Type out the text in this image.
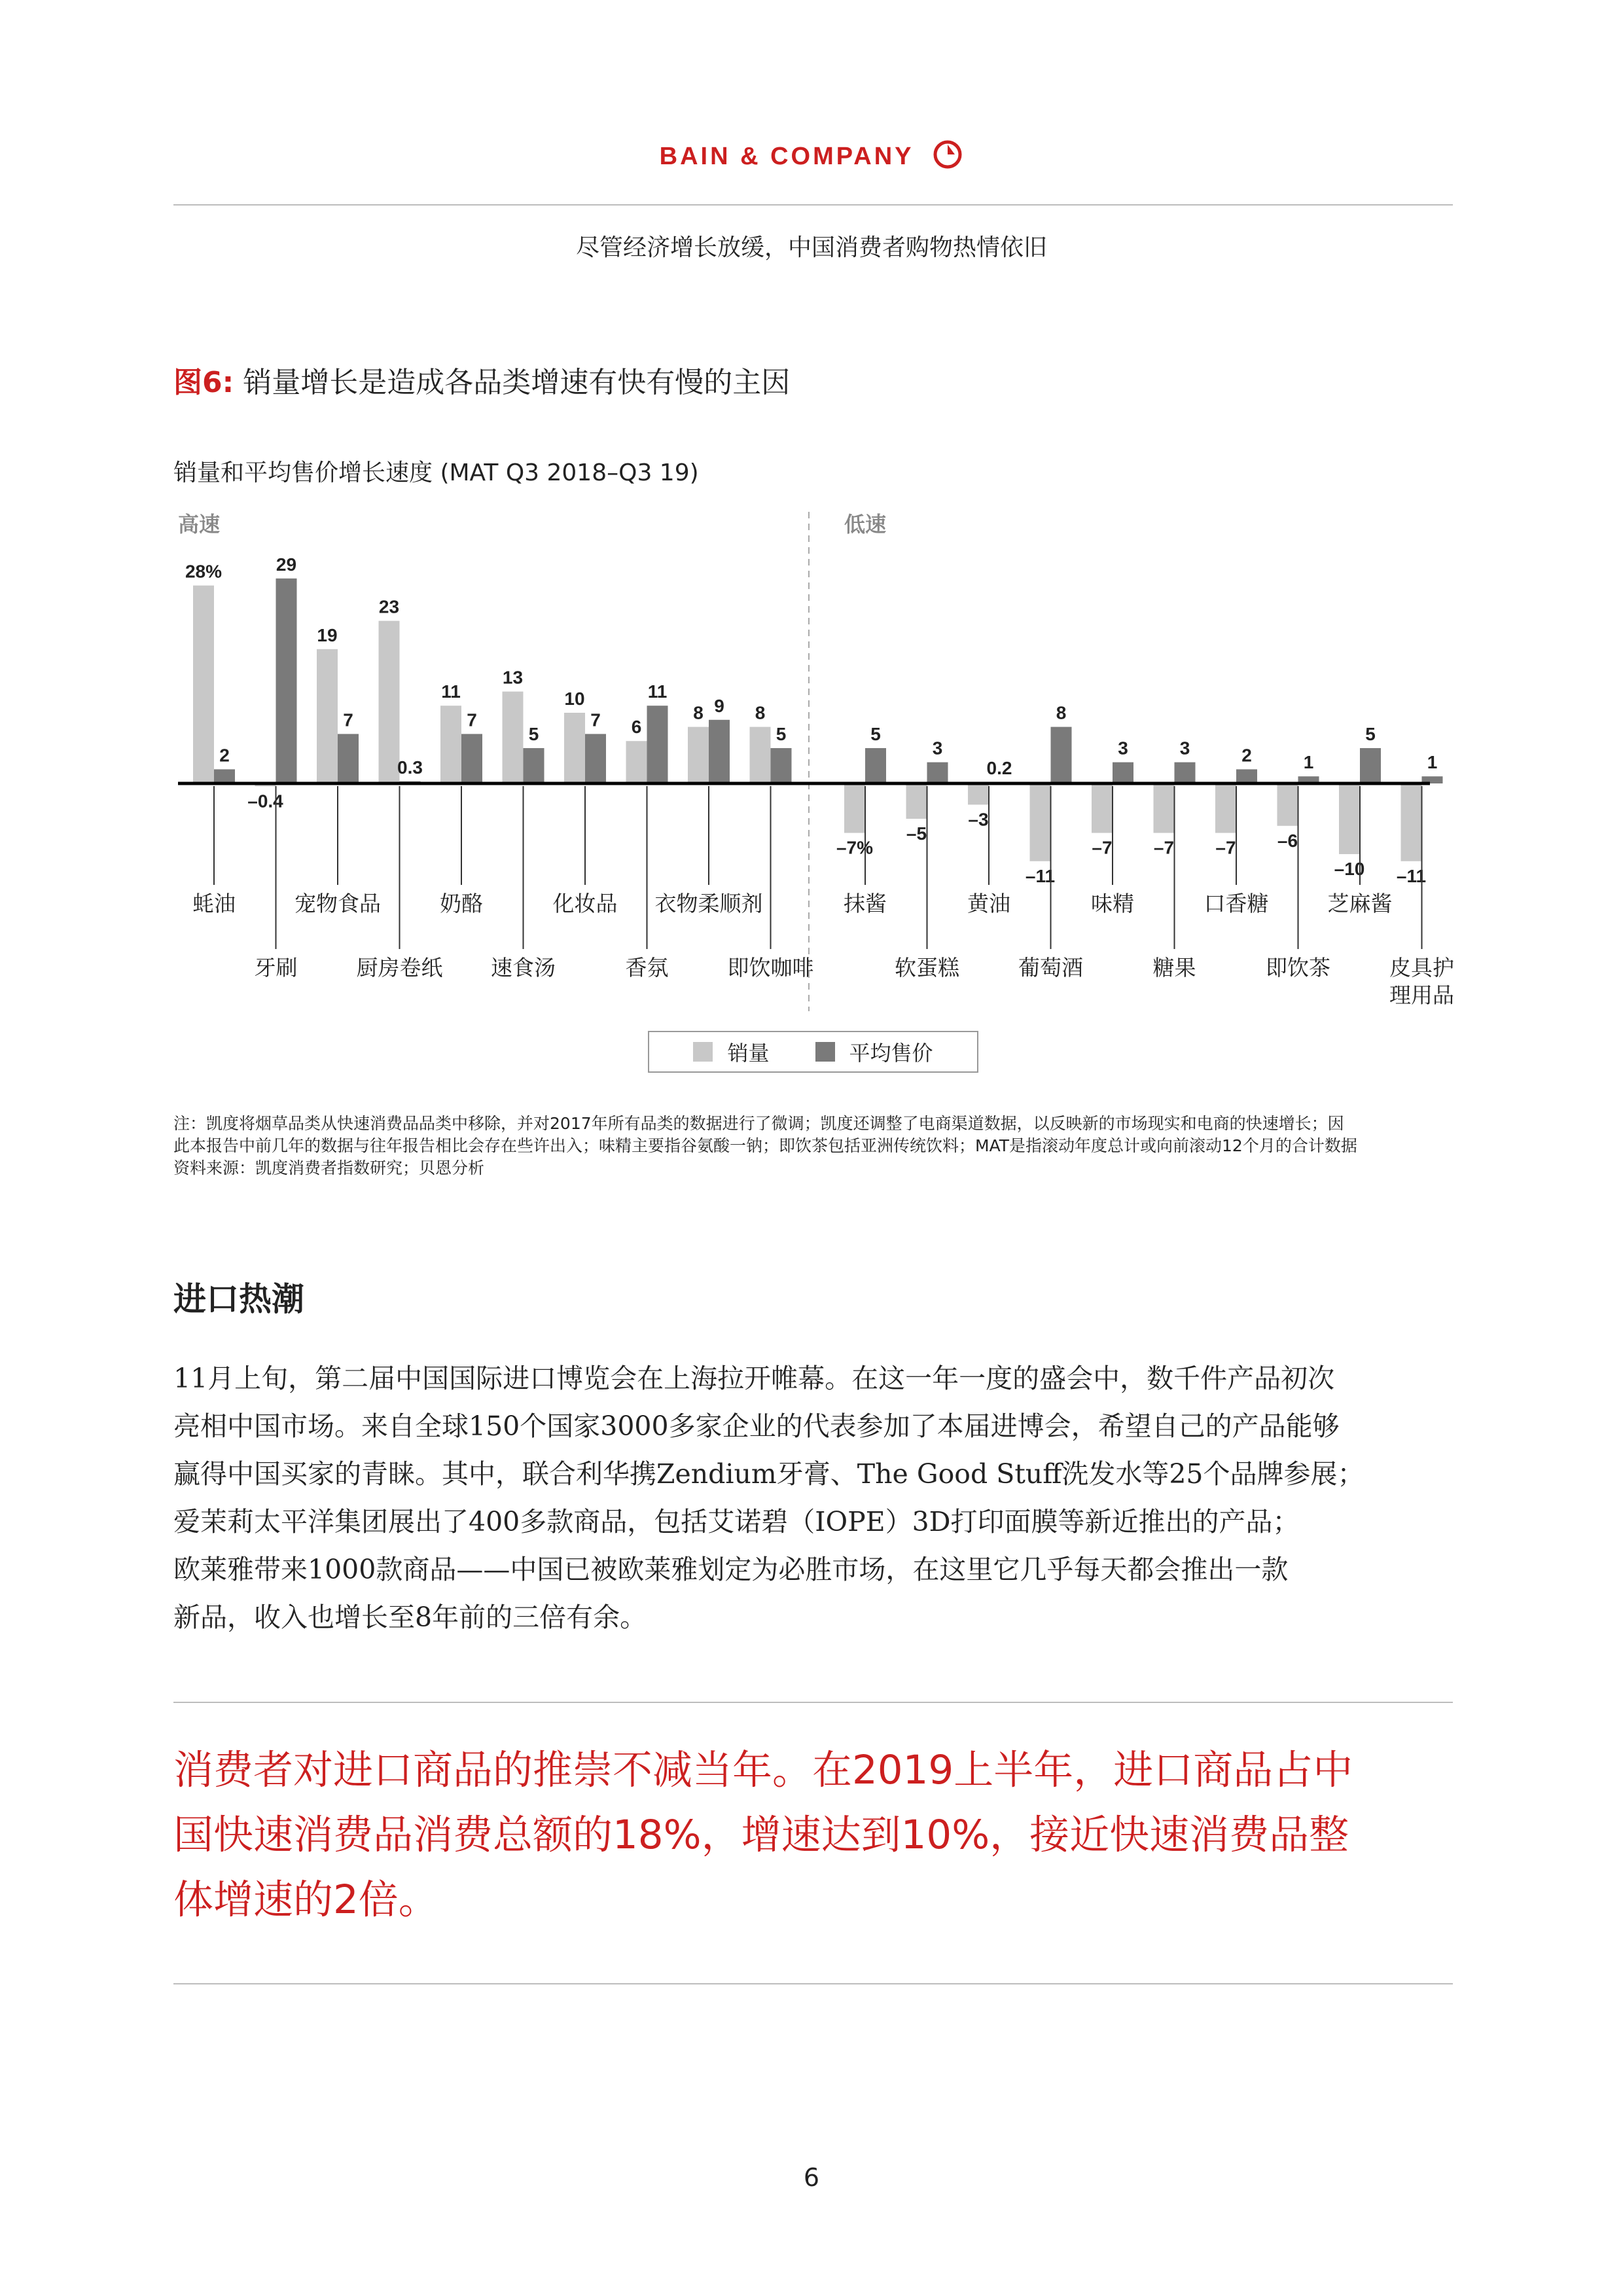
BAIN & COMPANY
尽管经济增长放缓，中国消费者购物热情依旧
图6: 销量增长是造成各品类增速有快有慢的主因
销量和平均售价增长速度 (MAT Q3 2018–Q3 19)
高速	低速
28%
2
蚝油
–0.4
29
牙刷
19
7
宠物食品
23
0.3
厨房卷纸
11
7
奶酪
13
5
速食汤
10
7
化妆品
6
11
香氛
8 9
衣物柔顺剂
8
5
即饮咖啡
–7%
5
抹酱
–5
3
软蛋糕
–3
0.2
黄油
–11
8
葡萄酒
–7
3
味精
–7
3
糖果
–7
2
口香糖
–6
1
即饮茶
–10
5
芝麻酱
–11
1
皮具护
理用品
销量	平均售价

注：凯度将烟草品类从快速消费品品类中移除，并对2017年所有品类的数据进行了微调；凯度还调整了电商渠道数据，以反映新的市场现实和电商的快速增长；因

此本报告中前几年的数据与往年报告相比会存在些许出入；味精主要指谷氨酸一钠；即饮茶包括亚洲传统饮料；MAT是指滚动年度总计或向前滚动12个月的合计数据

资料来源：凯度消费者指数研究；贝恩分析

进口热潮

11月上旬，第二届中国国际进口博览会在上海拉开帷幕。在这一年一度的盛会中，数千件产品初次

亮相中国市场。来自全球150个国家3000多家企业的代表参加了本届进博会，希望自己的产品能够

赢得中国买家的青睐。其中，联合利华携Zendium牙膏、The Good Stuff洗发水等25个品牌参展；

爱茉莉太平洋集团展出了400多款商品，包括艾诺碧（IOPE）3D打印面膜等新近推出的产品；

欧莱雅带来1000款商品——中国已被欧莱雅划定为必胜市场，在这里它几乎每天都会推出一款

新品，收入也增长至8年前的三倍有余。

消费者对进口商品的推崇不减当年。在2019上半年，进口商品占中

国快速消费品消费总额的18%，增速达到10%，接近快速消费品整

体增速的2倍。

6
